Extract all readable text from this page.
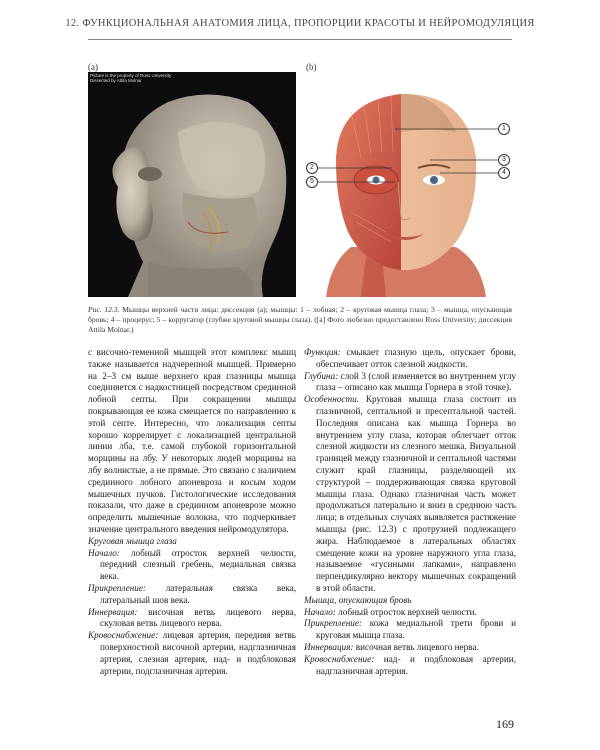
12. ФУНКЦИОНАЛЬНАЯ АНАТОМИЯ ЛИЦА, ПРОПОРЦИИ КРАСОТЫ И НЕЙРОМОДУЛЯЦИЯ
(a)	(b)
Picture is the property of Ross University
Dissected by Attila Molnar
1
2
3
4
5
Рис. 12.3. Мышцы верхней части лица: диссекция (a); мышцы: 1 – лобная; 2 – круговая мышца глаза; 3 – мышца, опускающая бровь; 4 – процерус; 5 – корругатор (глубже круговой мышцы глаза). ([a] Фото любезно предоставлено Ross University; диссекция Attila Molnar.)

с височно-теменной мышцей этот комплекс мышц также называется надчерепной мышцей. Примерно на 2–3 см выше верхнего края глазницы мышца соединяется с надкостницей посредством срединной лобной септы. При сокращении мышцы покрывающая ее кожа смещается по направлению к этой септе. Интересно, что локализация септы хорошо коррелирует с локализацией центральной линии лба, т.е. самой глубокой горизонтальной морщины на лбу. У некоторых людей морщины на лбу волнистые, а не прямые. Это связано с наличием срединного лобного апоневроза и косым ходом мышечных пучков. Гистологические исследования показали, что даже в срединном апоневрозе можно определить мышечные волокна, что подчеркивает значение центрального введения нейромодулятора.

Круговая мышца глаза

Начало: лобный отросток верхней челюсти, передний слезный гребень, медиальная связка века.

Прикрепление: латеральная связка века, латеральный шов века.

Иннервация: височная ветвь лицевого нерва, скуловая ветвь лицевого нерва.

Кровоснабжение: лицевая артерия, передняя ветвь поверхностной височной артерии, надглазничная артерия, слезная артерия, над- и подблоковая артерии, подглазничная артерия.

Функция: смыкает глазную щель, опускает брови, обеспечивает отток слезной жидкости.

Глубина: слой 3 (слой изменяется во внутреннем углу глаза – описано как мышца Горнера в этой точке).

Особенности. Круговая мышца глаза состоит из глазничной, септальной и пресептальной частей. Последняя описана как мышца Горнера во внутреннем углу глаза, которая облегчает отток слезной жидкости из слезного мешка. Визуальной границей между глазничной и септальной частями служит край глазницы, разделяющей их структурой – поддерживающая связка круговой мышцы глаза. Однако глазничная часть может продолжаться латерально и вниз в среднюю часть лица; в отдельных случаях выявляется растяжение мышцы (рис. 12.3) с протрузией подлежащего жира. Наблюдаемое в латеральных областях смещение кожи на уровне наружного угла глаза, называемое «гусиными лапками», направлено перпендикулярно вектору мышечных сокращений в этой области.

Мышца, опускающая бровь

Начало: лобный отросток верхней челюсти.

Прикрепление: кожа медиальной трети брови и круговая мышца глаза.

Иннервация: височная ветвь лицевого нерва.

Кровоснабжение: над- и подблоковая артерии, надглазничная артерия.

169
